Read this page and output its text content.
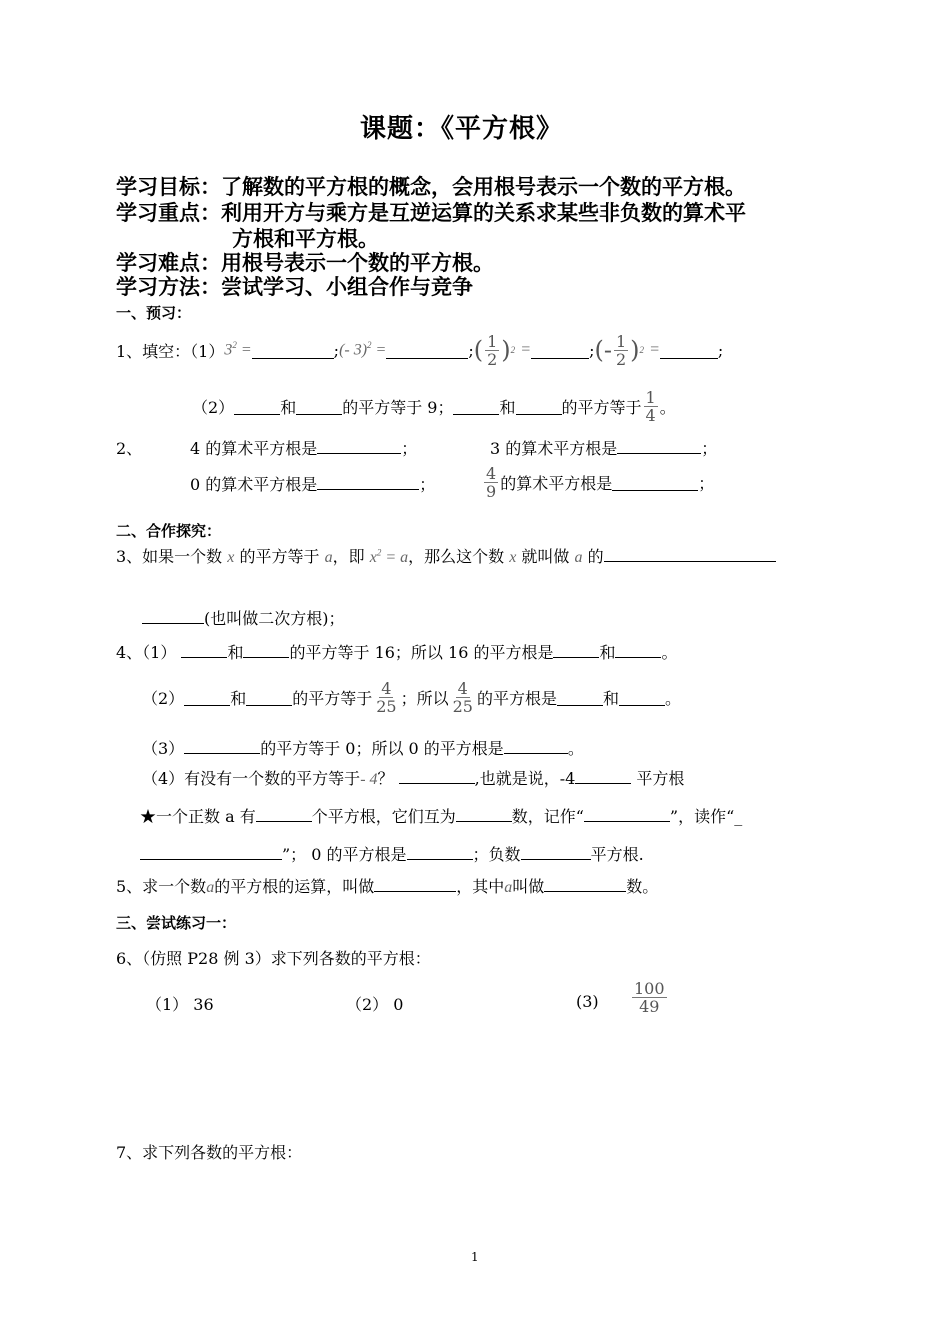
课题：《平方根》
学习目标：了解数的平方根的概念，会用根号表示一个数的平方根。
学习重点：利用开方与乘方是互逆运算的关系求某些非负数的算术平
方根和平方根。
学习难点：用根号表示一个数的平方根。
学习方法：尝试学习、小组合作与竞争
一、预习：
1、填空：（1） $3^2$ =	; (- 3)$^2$ =	; ( $\frac{1}{2}$ ) 2
=	; (- $\frac{1}{2}$ ) 2
=	;
（2）	和	的平方等于 9；	和	的平方等于 $\frac{1}{4}$ 。
2、	4 的算术平方根是	；	3 的算术平方根是	；
0 的算术平方根是	；	$\frac{4}{9}$ 的算术平方根是	；
二、合作探究：
3、如果一个数 x 的平方等于 a，即 $x^2 = a$，那么这个数 x 就叫做 a 的
(也叫做二次方根)；
4、（1）	和	的平方等于 16；所以 16 的平方根是	和	。
（2）	和	的平方等于 $\frac{4}{25}$ ；所以 $\frac{4}{25}$ 的平方根是	和	。
（3）	的平方等于 0；所以 0 的平方根是	。
（4）有没有一个数的平方等于- 4？	,也就是说，-4	平方根
★一个正数 a 有	个平方根，它们互为	数，记作“	”，读作“_
”； 0 的平方根是	；负数	平方根.
5、求一个数a的平方根的运算，叫做	，其中a叫做	数。
三、尝试练习一：
6、（仿照 P28 例 3）求下列各数的平方根：
（1） 36	（2） 0	$(3) \frac{100}{49}$
7、求下列各数的平方根：
1
